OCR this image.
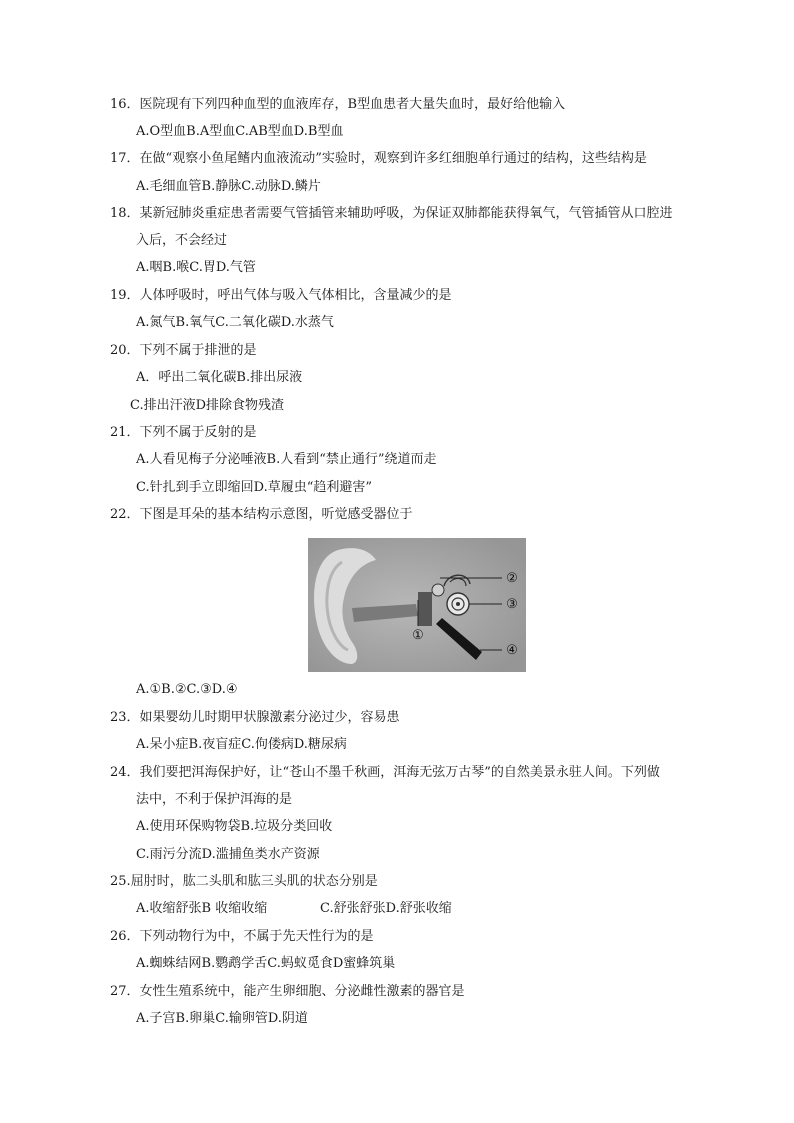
16．医院现有下列四种血型的血液库存，B型血患者大量失血时，最好给他输入
A.O型血B.A型血C.AB型血D.B型血
17．在做“观察小鱼尾鳍内血液流动”实验时，观察到许多红细胞单行通过的结构，这些结构是
A.毛细血管B.静脉C.动脉D.鳞片
18．某新冠肺炎重症患者需要气管插管来辅助呼吸，为保证双肺都能获得氧气，气管插管从口腔进
入后，不会经过
A.咽B.喉C.胃D.气管
19．人体呼吸时，呼出气体与吸入气体相比，含量减少的是
A.氮气B.氧气C.二氧化碳D.水蒸气
20．下列不属于排泄的是
A．呼出二氧化碳B.排出尿液
C.排出汗液D排除食物残渣
21．下列不属于反射的是
A.人看见梅子分泌唾液B.人看到“禁止通行”绕道而走
C.针扎到手立即缩回D.草履虫“趋利避害”
22．下图是耳朵的基本结构示意图，听觉感受器位于
②
③
④
①
A.①B.②C.③D.④
23．如果婴幼儿时期甲状腺激素分泌过少，容易患
A.呆小症B.夜盲症C.佝偻病D.糖尿病
24．我们要把洱海保护好，让“苍山不墨千秋画，洱海无弦万古琴”的自然美景永驻人间。下列做
法中，不利于保护洱海的是
A.使用环保购物袋B.垃圾分类回收
C.雨污分流D.滥捕鱼类水产资源
25.屈肘时，肱二头肌和肱三头肌的状态分别是
A.收缩舒张B 收缩收缩	C.舒张舒张D.舒张收缩
26．下列动物行为中，不属于先天性行为的是
A.蜘蛛结网B.鹦鹉学舌C.蚂蚁觅食D蜜蜂筑巢
27．女性生殖系统中，能产生卵细胞、分泌雌性激素的器官是
A.子宫B.卵巢C.输卵管D.阴道
